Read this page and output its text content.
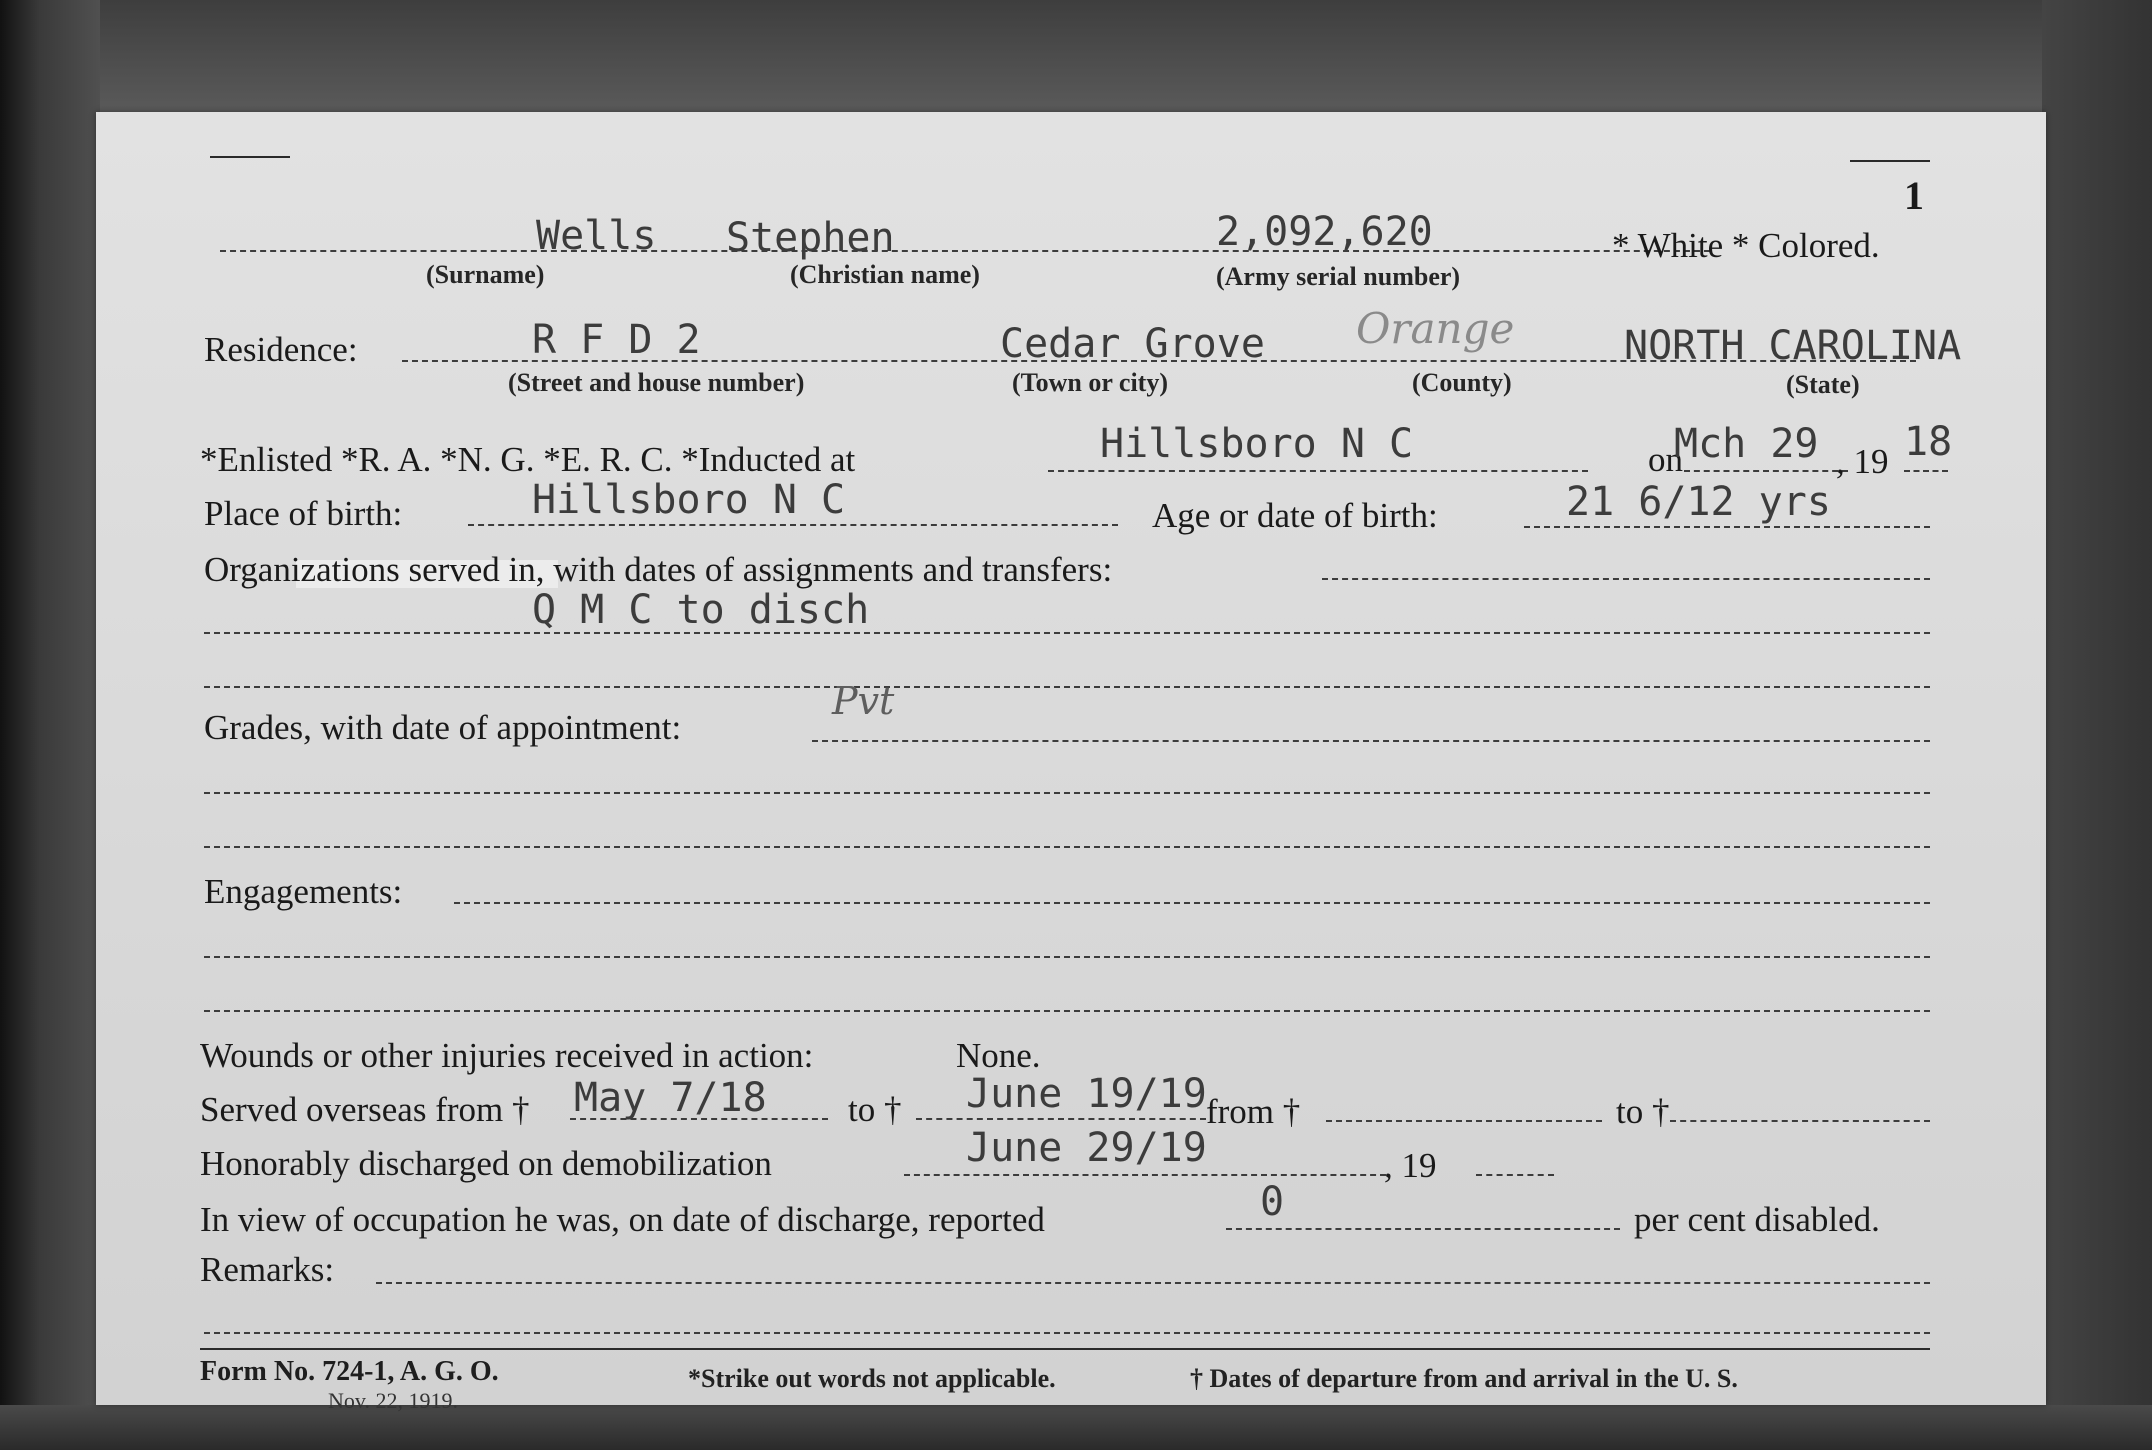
1
Wells Stephen	2,092,620	* White * Colored.
(Surname)	(Christian name)	(Army serial number)
Residence:	R F D 2	Cedar Grove Orange	NORTH CAROLINA
(Street and house number)	(Town or city)	(County)	(State)
*Enlisted *R. A. *N. G. *E. R. C. *Inducted at	Hillsboro N C	on
Mch 29 , 19 18
Place of birth:	Hillsboro N C	Age or date of birth:	21 6/12 yrs
Organizations served in, with dates of assignments and transfers:
Q M C to disch
Grades, with date of appointment:
Pvt
Engagements:
Wounds or other injuries received in action:	None.
Served overseas from † May 7/18 to † June 19/19 from †	to †
Honorably discharged on demobilization	June 29/19	, 19
In view of occupation he was, on date of discharge, reported	0	per cent disabled.
Remarks:
Form No. 724-1, A. G. O.
Nov. 22, 1919.
*Strike out words not applicable.	† Dates of departure from and arrival in the U. S.
